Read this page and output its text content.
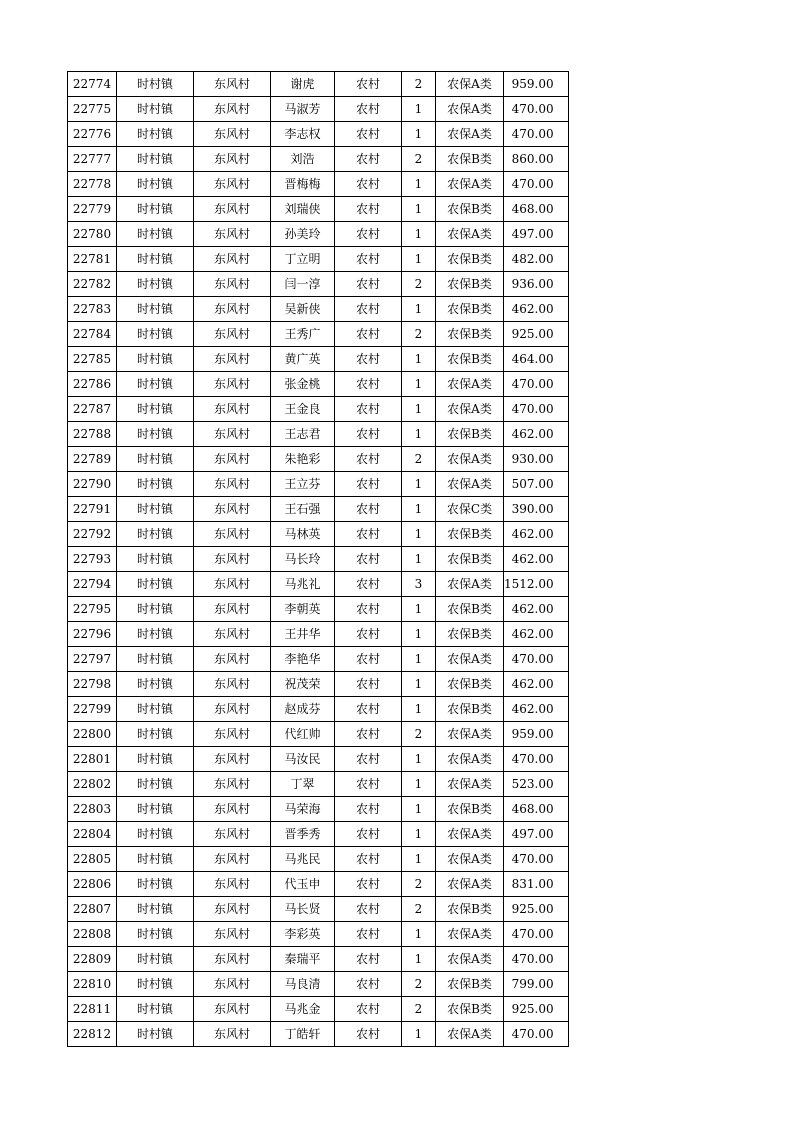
22774	时村镇	东风村	谢虎	农村	2	农保A类	959.00
22775	时村镇	东风村	马淑芳	农村	1	农保A类	470.00
22776	时村镇	东风村	李志权	农村	1	农保A类	470.00
22777	时村镇	东风村	刘浩	农村	2	农保B类	860.00
22778	时村镇	东风村	晋梅梅	农村	1	农保A类	470.00
22779	时村镇	东风村	刘瑞侠	农村	1	农保B类	468.00
22780	时村镇	东风村	孙美玲	农村	1	农保A类	497.00
22781	时村镇	东风村	丁立明	农村	1	农保B类	482.00
22782	时村镇	东风村	闫一淳	农村	2	农保B类	936.00
22783	时村镇	东风村	吴新侠	农村	1	农保B类	462.00
22784	时村镇	东风村	王秀广	农村	2	农保B类	925.00
22785	时村镇	东风村	黄广英	农村	1	农保B类	464.00
22786	时村镇	东风村	张金桃	农村	1	农保A类	470.00
22787	时村镇	东风村	王金良	农村	1	农保A类	470.00
22788	时村镇	东风村	王志君	农村	1	农保B类	462.00
22789	时村镇	东风村	朱艳彩	农村	2	农保A类	930.00
22790	时村镇	东风村	王立芬	农村	1	农保A类	507.00
22791	时村镇	东风村	王石强	农村	1	农保C类	390.00
22792	时村镇	东风村	马林英	农村	1	农保B类	462.00
22793	时村镇	东风村	马长玲	农村	1	农保B类	462.00
22794	时村镇	东风村	马兆礼	农村	3	农保A类	1512.00
22795	时村镇	东风村	李朝英	农村	1	农保B类	462.00
22796	时村镇	东风村	王井华	农村	1	农保B类	462.00
22797	时村镇	东风村	李艳华	农村	1	农保A类	470.00
22798	时村镇	东风村	祝茂荣	农村	1	农保B类	462.00
22799	时村镇	东风村	赵成芬	农村	1	农保B类	462.00
22800	时村镇	东风村	代红帅	农村	2	农保A类	959.00
22801	时村镇	东风村	马汝民	农村	1	农保A类	470.00
22802	时村镇	东风村	丁翠	农村	1	农保A类	523.00
22803	时村镇	东风村	马荣海	农村	1	农保B类	468.00
22804	时村镇	东风村	晋季秀	农村	1	农保A类	497.00
22805	时村镇	东风村	马兆民	农村	1	农保A类	470.00
22806	时村镇	东风村	代玉申	农村	2	农保A类	831.00
22807	时村镇	东风村	马长贤	农村	2	农保B类	925.00
22808	时村镇	东风村	李彩英	农村	1	农保A类	470.00
22809	时村镇	东风村	秦瑞平	农村	1	农保A类	470.00
22810	时村镇	东风村	马良清	农村	2	农保B类	799.00
22811	时村镇	东风村	马兆金	农村	2	农保B类	925.00
22812	时村镇	东风村	丁皓轩	农村	1	农保A类	470.00
